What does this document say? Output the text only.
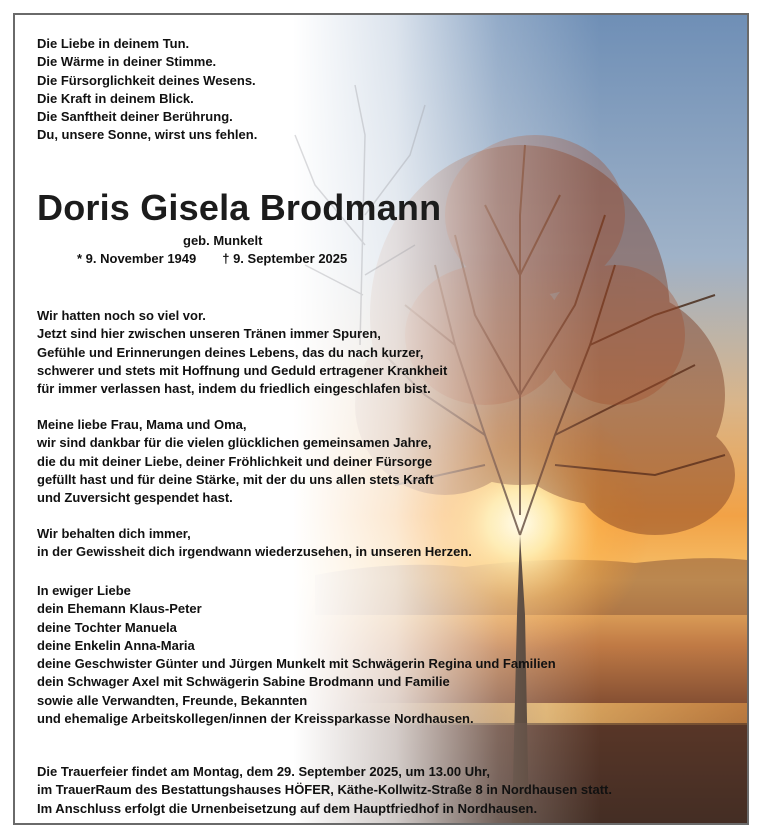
Die Liebe in deinem Tun.
Die Wärme in deiner Stimme.
Die Fürsorglichkeit deines Wesens.
Die Kraft in deinem Blick.
Die Sanftheit deiner Berührung.
Du, unsere Sonne, wirst uns fehlen.
Doris Gisela Brodmann
geb. Munkelt
* 9. November 1949 † 9. September 2025
Wir hatten noch so viel vor.
Jetzt sind hier zwischen unseren Tränen immer Spuren,
Gefühle und Erinnerungen deines Lebens, das du nach kurzer,
schwerer und stets mit Hoffnung und Geduld ertragener Krankheit
für immer verlassen hast, indem du friedlich eingeschlafen bist.
Meine liebe Frau, Mama und Oma,
wir sind dankbar für die vielen glücklichen gemeinsamen Jahre,
die du mit deiner Liebe, deiner Fröhlichkeit und deiner Fürsorge
gefüllt hast und für deine Stärke, mit der du uns allen stets Kraft
und Zuversicht gespendet hast.
Wir behalten dich immer,
in der Gewissheit dich irgendwann wiederzusehen, in unseren Herzen.
In ewiger Liebe
dein Ehemann Klaus-Peter
deine Tochter Manuela
deine Enkelin Anna-Maria
deine Geschwister Günter und Jürgen Munkelt mit Schwägerin Regina und Familien
dein Schwager Axel mit Schwägerin Sabine Brodmann und Familie
sowie alle Verwandten, Freunde, Bekannten
und ehemalige Arbeitskollegen/innen der Kreissparkasse Nordhausen.
Die Trauerfeier findet am Montag, dem 29. September 2025, um 13.00 Uhr,
im TrauerRaum des Bestattungshauses HÖFER, Käthe-Kollwitz-Straße 8 in Nordhausen statt.
Im Anschluss erfolgt die Urnenbeisetzung auf dem Hauptfriedhof in Nordhausen.
